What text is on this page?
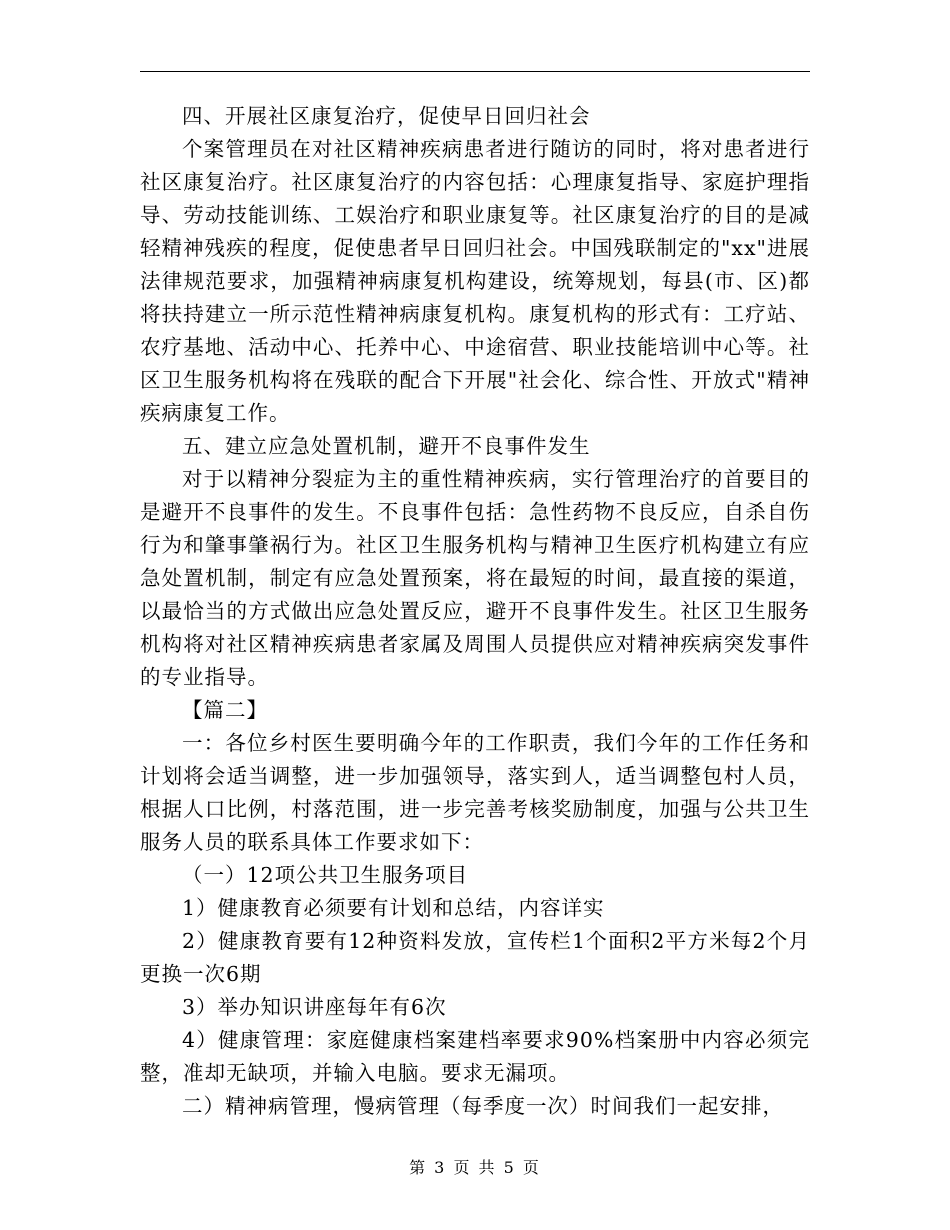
四、开展社区康复治疗，促使早日回归社会

个案管理员在对社区精神疾病患者进行随访的同时，将对患者进行社区康复治疗。社区康复治疗的内容包括：心理康复指导、家庭护理指导、劳动技能训练、工娱治疗和职业康复等。社区康复治疗的目的是减轻精神残疾的程度，促使患者早日回归社会。中国残联制定的"xx"进展法律规范要求，加强精神病康复机构建设，统筹规划，每县(市、区)都将扶持建立一所示范性精神病康复机构。康复机构的形式有：工疗站、农疗基地、活动中心、托养中心、中途宿营、职业技能培训中心等。社区卫生服务机构将在残联的配合下开展"社会化、综合性、开放式"精神疾病康复工作。

五、建立应急处置机制，避开不良事件发生

对于以精神分裂症为主的重性精神疾病，实行管理治疗的首要目的是避开不良事件的发生。不良事件包括：急性药物不良反应，自杀自伤行为和肇事肇祸行为。社区卫生服务机构与精神卫生医疗机构建立有应急处置机制，制定有应急处置预案，将在最短的时间，最直接的渠道，以最恰当的方式做出应急处置反应，避开不良事件发生。社区卫生服务机构将对社区精神疾病患者家属及周围人员提供应对精神疾病突发事件的专业指导。

【篇二】

一：各位乡村医生要明确今年的工作职责，我们今年的工作任务和计划将会适当调整，进一步加强领导，落实到人，适当调整包村人员，根据人口比例，村落范围，进一步完善考核奖励制度，加强与公共卫生服务人员的联系具体工作要求如下：

（一）12项公共卫生服务项目

1）健康教育必须要有计划和总结，内容详实

2）健康教育要有12种资料发放，宣传栏1个面积2平方米每2个月更换一次6期

3）举办知识讲座每年有6次

4）健康管理：家庭健康档案建档率要求90%档案册中内容必须完整，准却无缺项，并输入电脑。要求无漏项。

二）精神病管理，慢病管理（每季度一次）时间我们一起安排，

第 3 页 共 5 页
